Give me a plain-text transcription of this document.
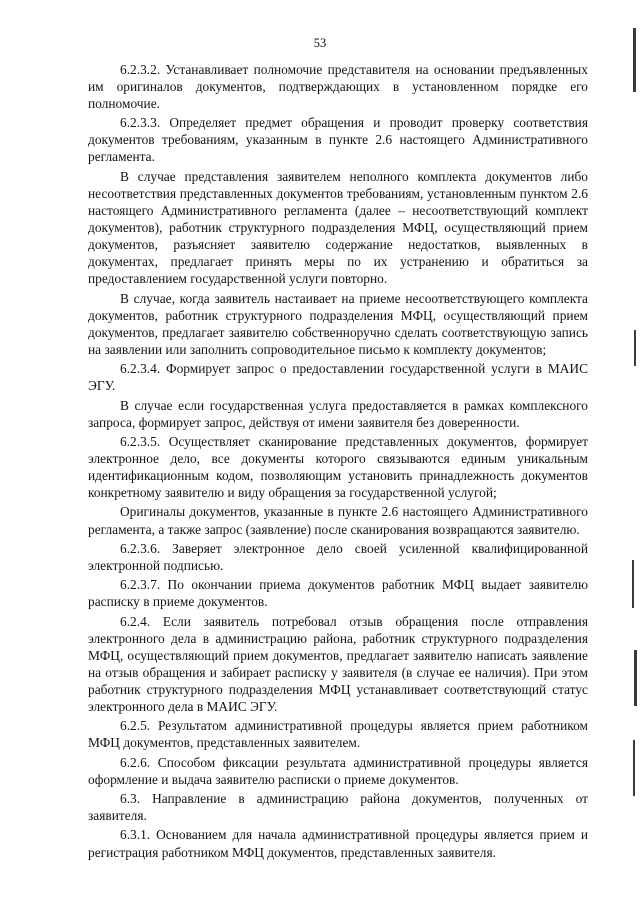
53

6.2.3.2. Устанавливает полномочие представителя на основании предъявленных им оригиналов документов, подтверждающих в установленном порядке его полномочие.

6.2.3.3. Определяет предмет обращения и проводит проверку соответствия документов требованиям, указанным в пункте 2.6 настоящего Административного регламента.

В случае представления заявителем неполного комплекта документов либо несоответствия представленных документов требованиям, установленным пунктом 2.6 настоящего Административного регламента (далее – несоответствующий комплект документов), работник структурного подразделения МФЦ, осуществляющий прием документов, разъясняет заявителю содержание недостатков, выявленных в документах, предлагает принять меры по их устранению и обратиться за предоставлением государственной услуги повторно.

В случае, когда заявитель настаивает на приеме несоответствующего комплекта документов, работник структурного подразделения МФЦ, осуществляющий прием документов, предлагает заявителю собственноручно сделать соответствующую запись на заявлении или заполнить сопроводительное письмо к комплекту документов;

6.2.3.4. Формирует запрос о предоставлении государственной услуги в МАИС ЭГУ.

В случае если государственная услуга предоставляется в рамках комплексного запроса, формирует запрос, действуя от имени заявителя без доверенности.

6.2.3.5. Осуществляет сканирование представленных документов, формирует электронное дело, все документы которого связываются единым уникальным идентификационным кодом, позволяющим установить принадлежность документов конкретному заявителю и виду обращения за государственной услугой;

Оригиналы документов, указанные в пункте 2.6 настоящего Административного регламента, а также запрос (заявление) после сканирования возвращаются заявителю.

6.2.3.6. Заверяет электронное дело своей усиленной квалифицированной электронной подписью.

6.2.3.7. По окончании приема документов работник МФЦ выдает заявителю расписку в приеме документов.

6.2.4. Если заявитель потребовал отзыв обращения после отправления электронного дела в администрацию района, работник структурного подразделения МФЦ, осуществляющий прием документов, предлагает заявителю написать заявление на отзыв обращения и забирает расписку у заявителя (в случае ее наличия). При этом работник структурного подразделения МФЦ устанавливает соответствующий статус электронного дела в МАИС ЭГУ.

6.2.5. Результатом административной процедуры является прием работником МФЦ документов, представленных заявителем.

6.2.6. Способом фиксации результата административной процедуры является оформление и выдача заявителю расписки о приеме документов.

6.3. Направление в администрацию района документов, полученных от заявителя.

6.3.1. Основанием для начала административной процедуры является прием и регистрация работником МФЦ документов, представленных заявителя.
